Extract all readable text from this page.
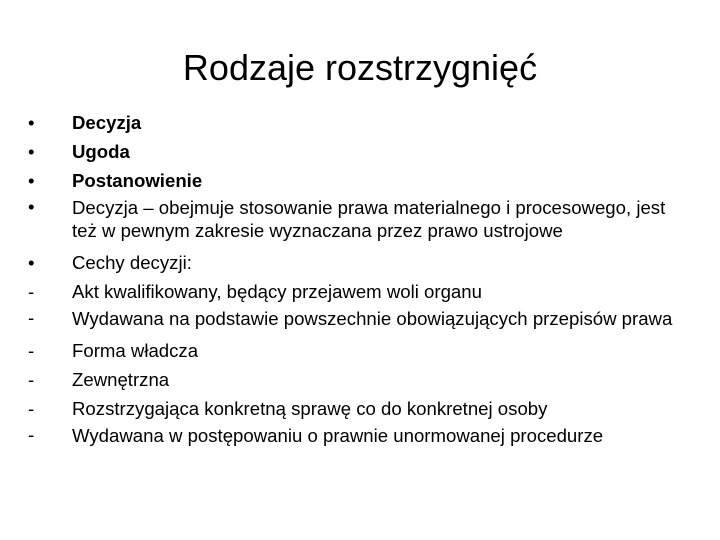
Rodzaje rozstrzygnięć
•	Decyzja
•	Ugoda
•	Postanowienie
•	Decyzja – obejmuje stosowanie prawa materialnego i procesowego, jest też w pewnym zakresie wyznaczana przez prawo ustrojowe
•	Cechy decyzji:
-	Akt kwalifikowany, będący przejawem woli organu
-	Wydawana na podstawie powszechnie obowiązujących przepisów prawa
-	Forma władcza
-	Zewnętrzna
-	Rozstrzygająca konkretną sprawę co do konkretnej osoby
-	Wydawana w postępowaniu o prawnie unormowanej procedurze
